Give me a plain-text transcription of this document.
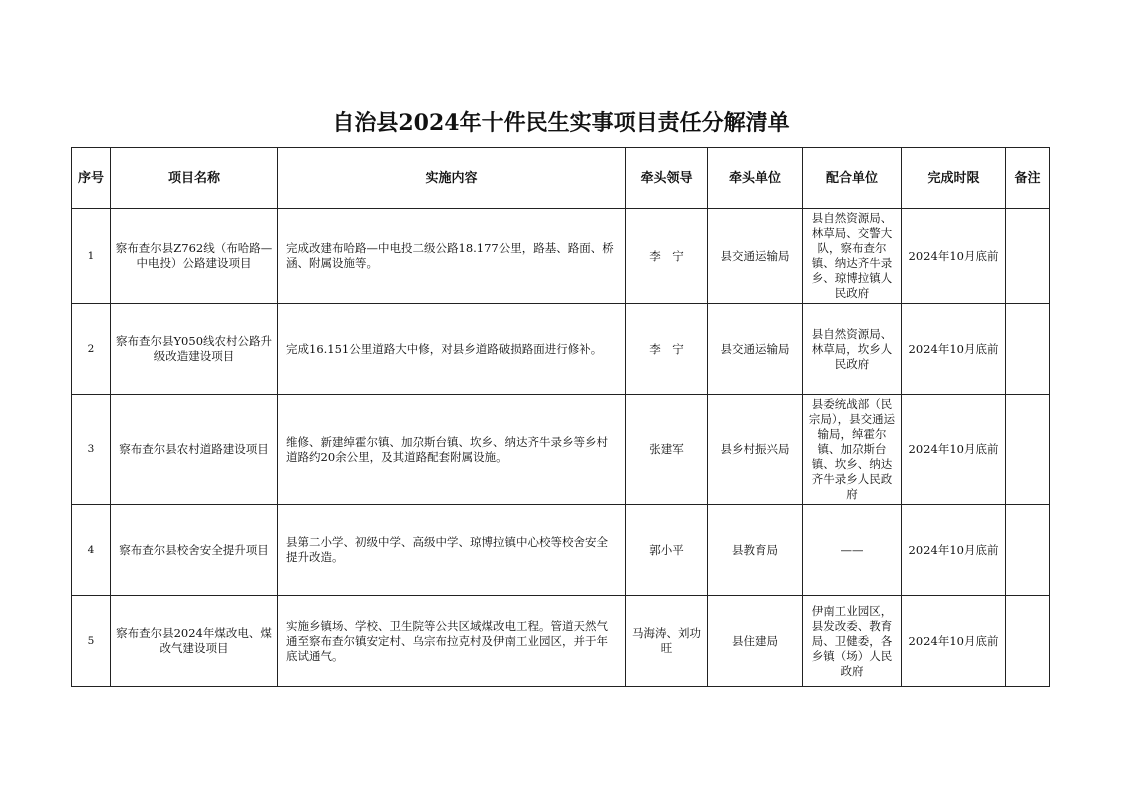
自治县2024年十件民生实事项目责任分解清单
序号	项目名称	实施内容	牵头领导	牵头单位	配合单位	完成时限	备注
1	察布查尔县Z762线（布哈路—中电投）公路建设项目	完成改建布哈路—中电投二级公路18.177公里，路基、路面、桥涵、附属设施等。	李　宁	县交通运输局	县自然资源局、林草局、交警大队，察布查尔镇、纳达齐牛录乡、琼博拉镇人民政府	2024年10月底前	
2	察布查尔县Y050线农村公路升级改造建设项目	完成16.151公里道路大中修，对县乡道路破损路面进行修补。	李　宁	县交通运输局	县自然资源局、林草局，坎乡人民政府	2024年10月底前	
3	察布查尔县农村道路建设项目	维修、新建绰霍尔镇、加尕斯台镇、坎乡、纳达齐牛录乡等乡村道路约20余公里，及其道路配套附属设施。	张建军	县乡村振兴局	县委统战部（民宗局），县交通运输局，绰霍尔镇、加尕斯台镇、坎乡、纳达齐牛录乡人民政府	2024年10月底前	
4	察布查尔县校舍安全提升项目	县第二小学、初级中学、高级中学、琼博拉镇中心校等校舍安全提升改造。	郭小平	县教育局	——	2024年10月底前	
5	察布查尔县2024年煤改电、煤改气建设项目	实施乡镇场、学校、卫生院等公共区域煤改电工程。管道天然气通至察布查尔镇安定村、乌宗布拉克村及伊南工业园区，并于年底试通气。	马海涛、刘功旺	县住建局	伊南工业园区，县发改委、教育局、卫健委，各乡镇（场）人民政府	2024年10月底前	
